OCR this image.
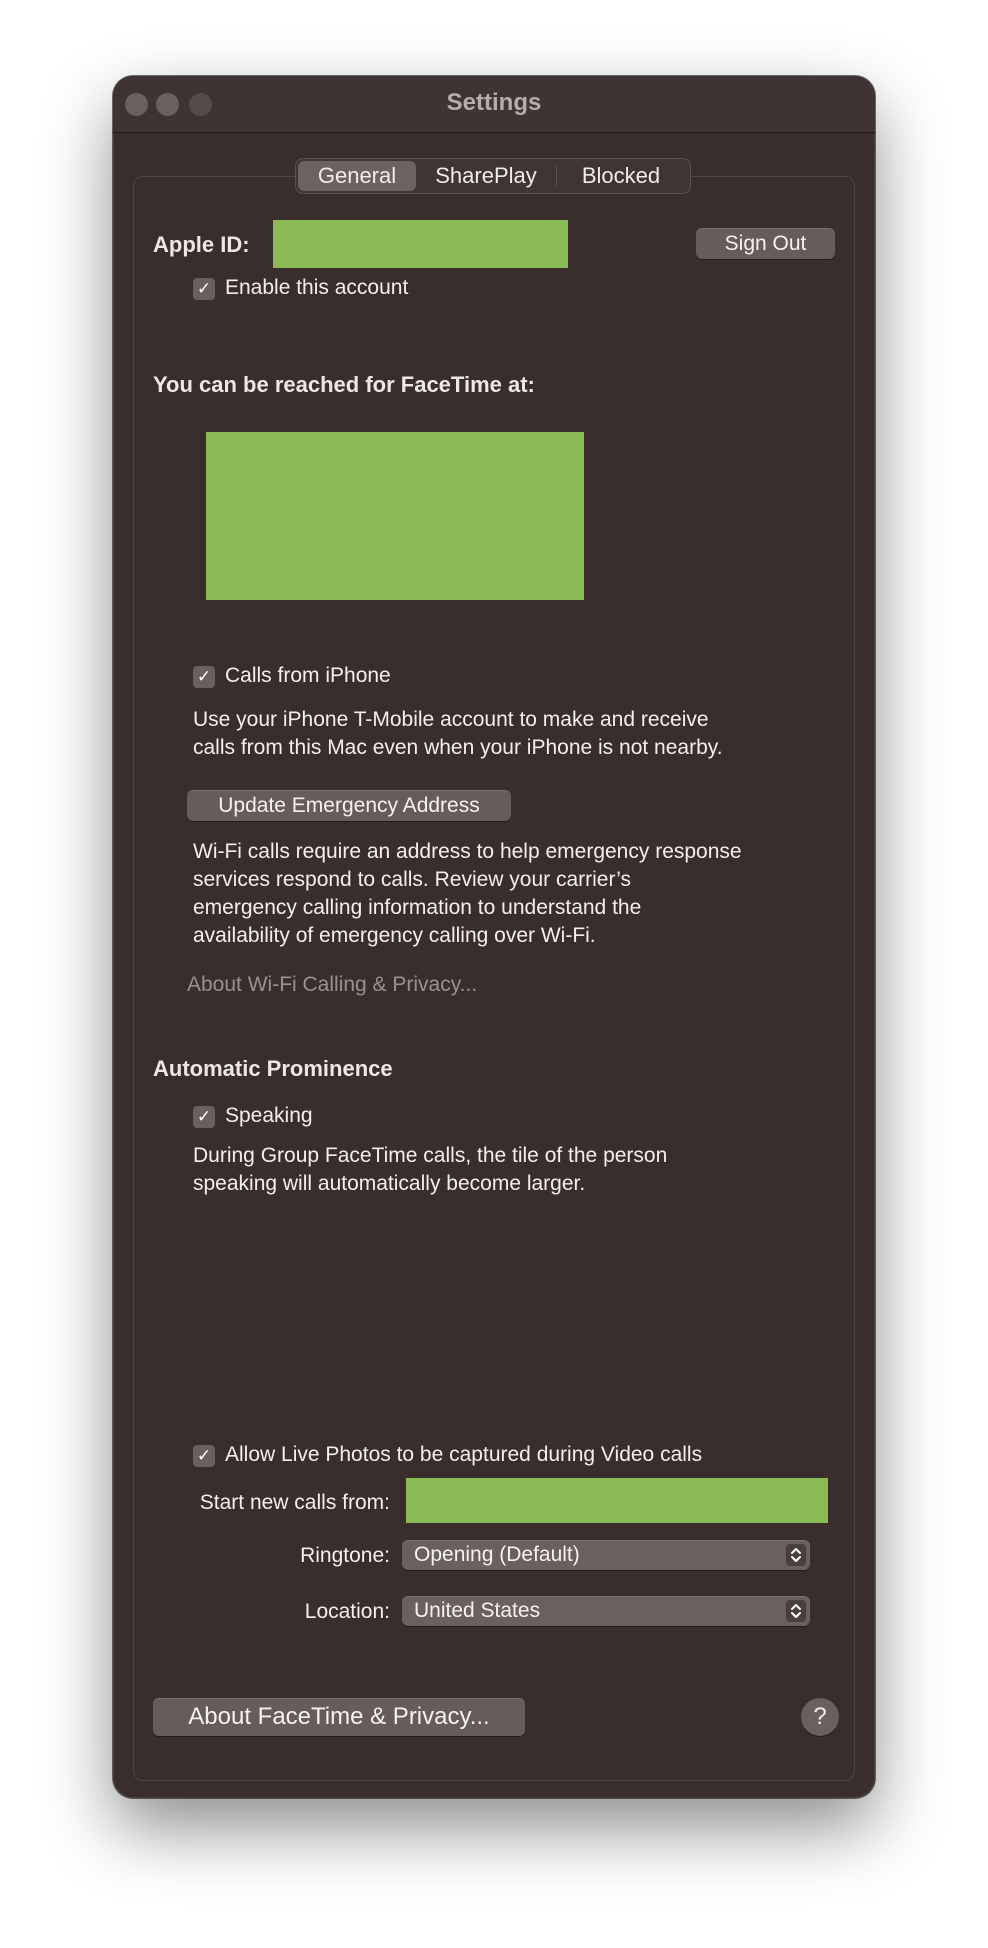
Settings
General	SharePlay	Blocked
Apple ID:	Sign Out
✓ Enable this account
You can be reached for FaceTime at:
✓ Calls from iPhone
Use your iPhone T-Mobile account to make and receive
calls from this Mac even when your iPhone is not nearby.
Update Emergency Address
Wi-Fi calls require an address to help emergency response
services respond to calls. Review your carrier’s
emergency calling information to understand the
availability of emergency calling over Wi-Fi.
About Wi-Fi Calling & Privacy...
Automatic Prominence
✓ Speaking
During Group FaceTime calls, the tile of the person
speaking will automatically become larger.
✓ Allow Live Photos to be captured during Video calls
Start new calls from:
Ringtone: Opening (Default)
Location: United States
About FaceTime & Privacy...	?
